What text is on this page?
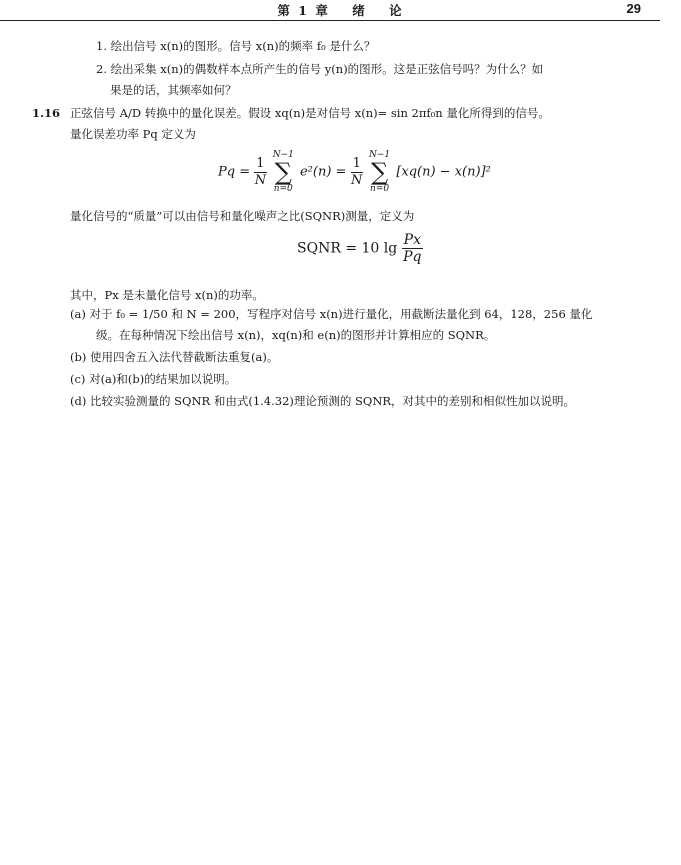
第 1 章 绪 论	29
1. 绘出信号 x(n)的图形。信号 x(n)的频率 f₀ 是什么？
2. 绘出采集 x(n)的偶数样本点所产生的信号 y(n)的图形。这是正弦信号吗？为什么？如
果是的话，其频率如何？
1.16 正弦信号 A/D 转换中的量化误差。假设 xq(n)是对信号 x(n)= sin 2πf₀n 量化所得到的信号。
量化误差功率 Pq 定义为
$Pq = \frac{1}{N}$

N−1
∑
n=0
$e^2(n) = \frac{1}{N}$

N−1
∑
n=0
[xq(n) − x(n)]²
量化信号的“质量”可以由信号和量化噪声之比(SQNR)测量，定义为
SQNR = 10 $\lg \frac{Px}{Pq}$
其中，Px 是未量化信号 x(n)的功率。
(a) 对于 f₀ = 1/50 和 N = 200，写程序对信号 x(n)进行量化，用截断法量化到 64，128，256 量化
级。在每种情况下绘出信号 x(n)，xq(n)和 e(n)的图形并计算相应的 SQNR。
(b) 使用四舍五入法代替截断法重复(a)。
(c) 对(a)和(b)的结果加以说明。
(d) 比较实验测量的 SQNR 和由式(1.4.32)理论预测的 SQNR，对其中的差别和相似性加以说明。
